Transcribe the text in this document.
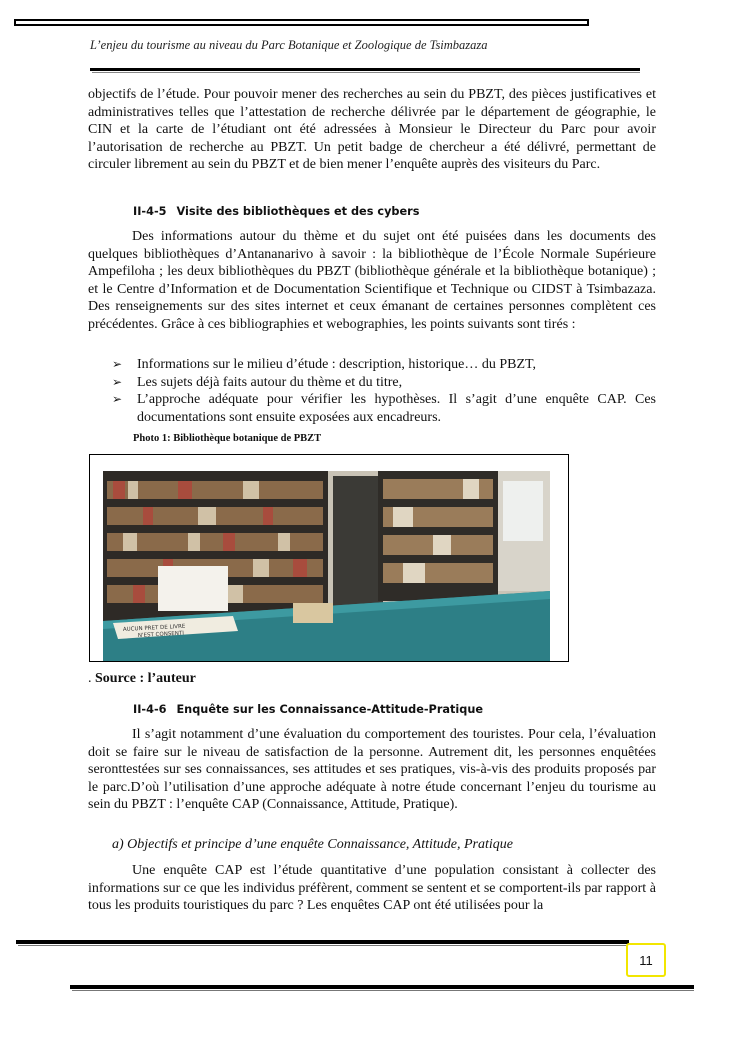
L’enjeu du tourisme au niveau du Parc Botanique et Zoologique de Tsimbazaza

objectifs de l’étude. Pour pouvoir mener des recherches au sein du PBZT, des pièces justificatives et administratives telles que l’attestation de recherche délivrée par le département de géographie, le CIN et la carte de l’étudiant ont été adressées à Monsieur le Directeur du Parc pour avoir l’autorisation de recherche au PBZT. Un petit badge de chercheur a été délivré, permettant de circuler librement au sein du PBZT et de bien mener l’enquête auprès des visiteurs du Parc.

II-4-5 Visite des bibliothèques et des cybers

Des informations autour du thème et du sujet ont été puisées dans les documents des quelques bibliothèques d’Antananarivo à savoir : la bibliothèque de l’École Normale Supérieure Ampefiloha ; les deux bibliothèques du PBZT (bibliothèque générale et la bibliothèque botanique) ; et le Centre d’Information et de Documentation Scientifique et Technique ou CIDST à Tsimbazaza. Des renseignements sur des sites internet et ceux émanant de certaines personnes complètent ces précédentes. Grâce à ces bibliographies et webographies, les points suivants sont tirés :

➢ Informations sur le milieu d’étude : description, historique… du PBZT,
➢ Les sujets déjà faits autour du thème et du titre,
➢ L’approche adéquate pour vérifier les hypothèses. Il s’agit d’une enquête CAP. Ces documentations sont ensuite exposées aux encadreurs.
Photo 1: Bibliothèque botanique de PBZT
AUCUN PRET DE LIVRE
N'EST CONSENTI
. Source : l’auteur
II-4-6 Enquête sur les Connaissance-Attitude-Pratique

Il s’agit notamment d’une évaluation du comportement des touristes. Pour cela, l’évaluation doit se faire sur le niveau de satisfaction de la personne. Autrement dit, les personnes enquêtées seronttestées sur ses connaissances, ses attitudes et ses pratiques, vis-à-vis des produits proposés par le parc.D’où l’utilisation d’une approche adéquate à notre étude concernant l’enjeu du tourisme au sein du PBZT : l’enquête CAP (Connaissance, Attitude, Pratique).

a) Objectifs et principe d’une enquête Connaissance, Attitude, Pratique

Une enquête CAP est l’étude quantitative d’une population consistant à collecter des informations sur ce que les individus préfèrent, comment se sentent et se comportent-ils par rapport à tous les produits touristiques du parc ? Les enquêtes CAP ont été utilisées pour la

11
